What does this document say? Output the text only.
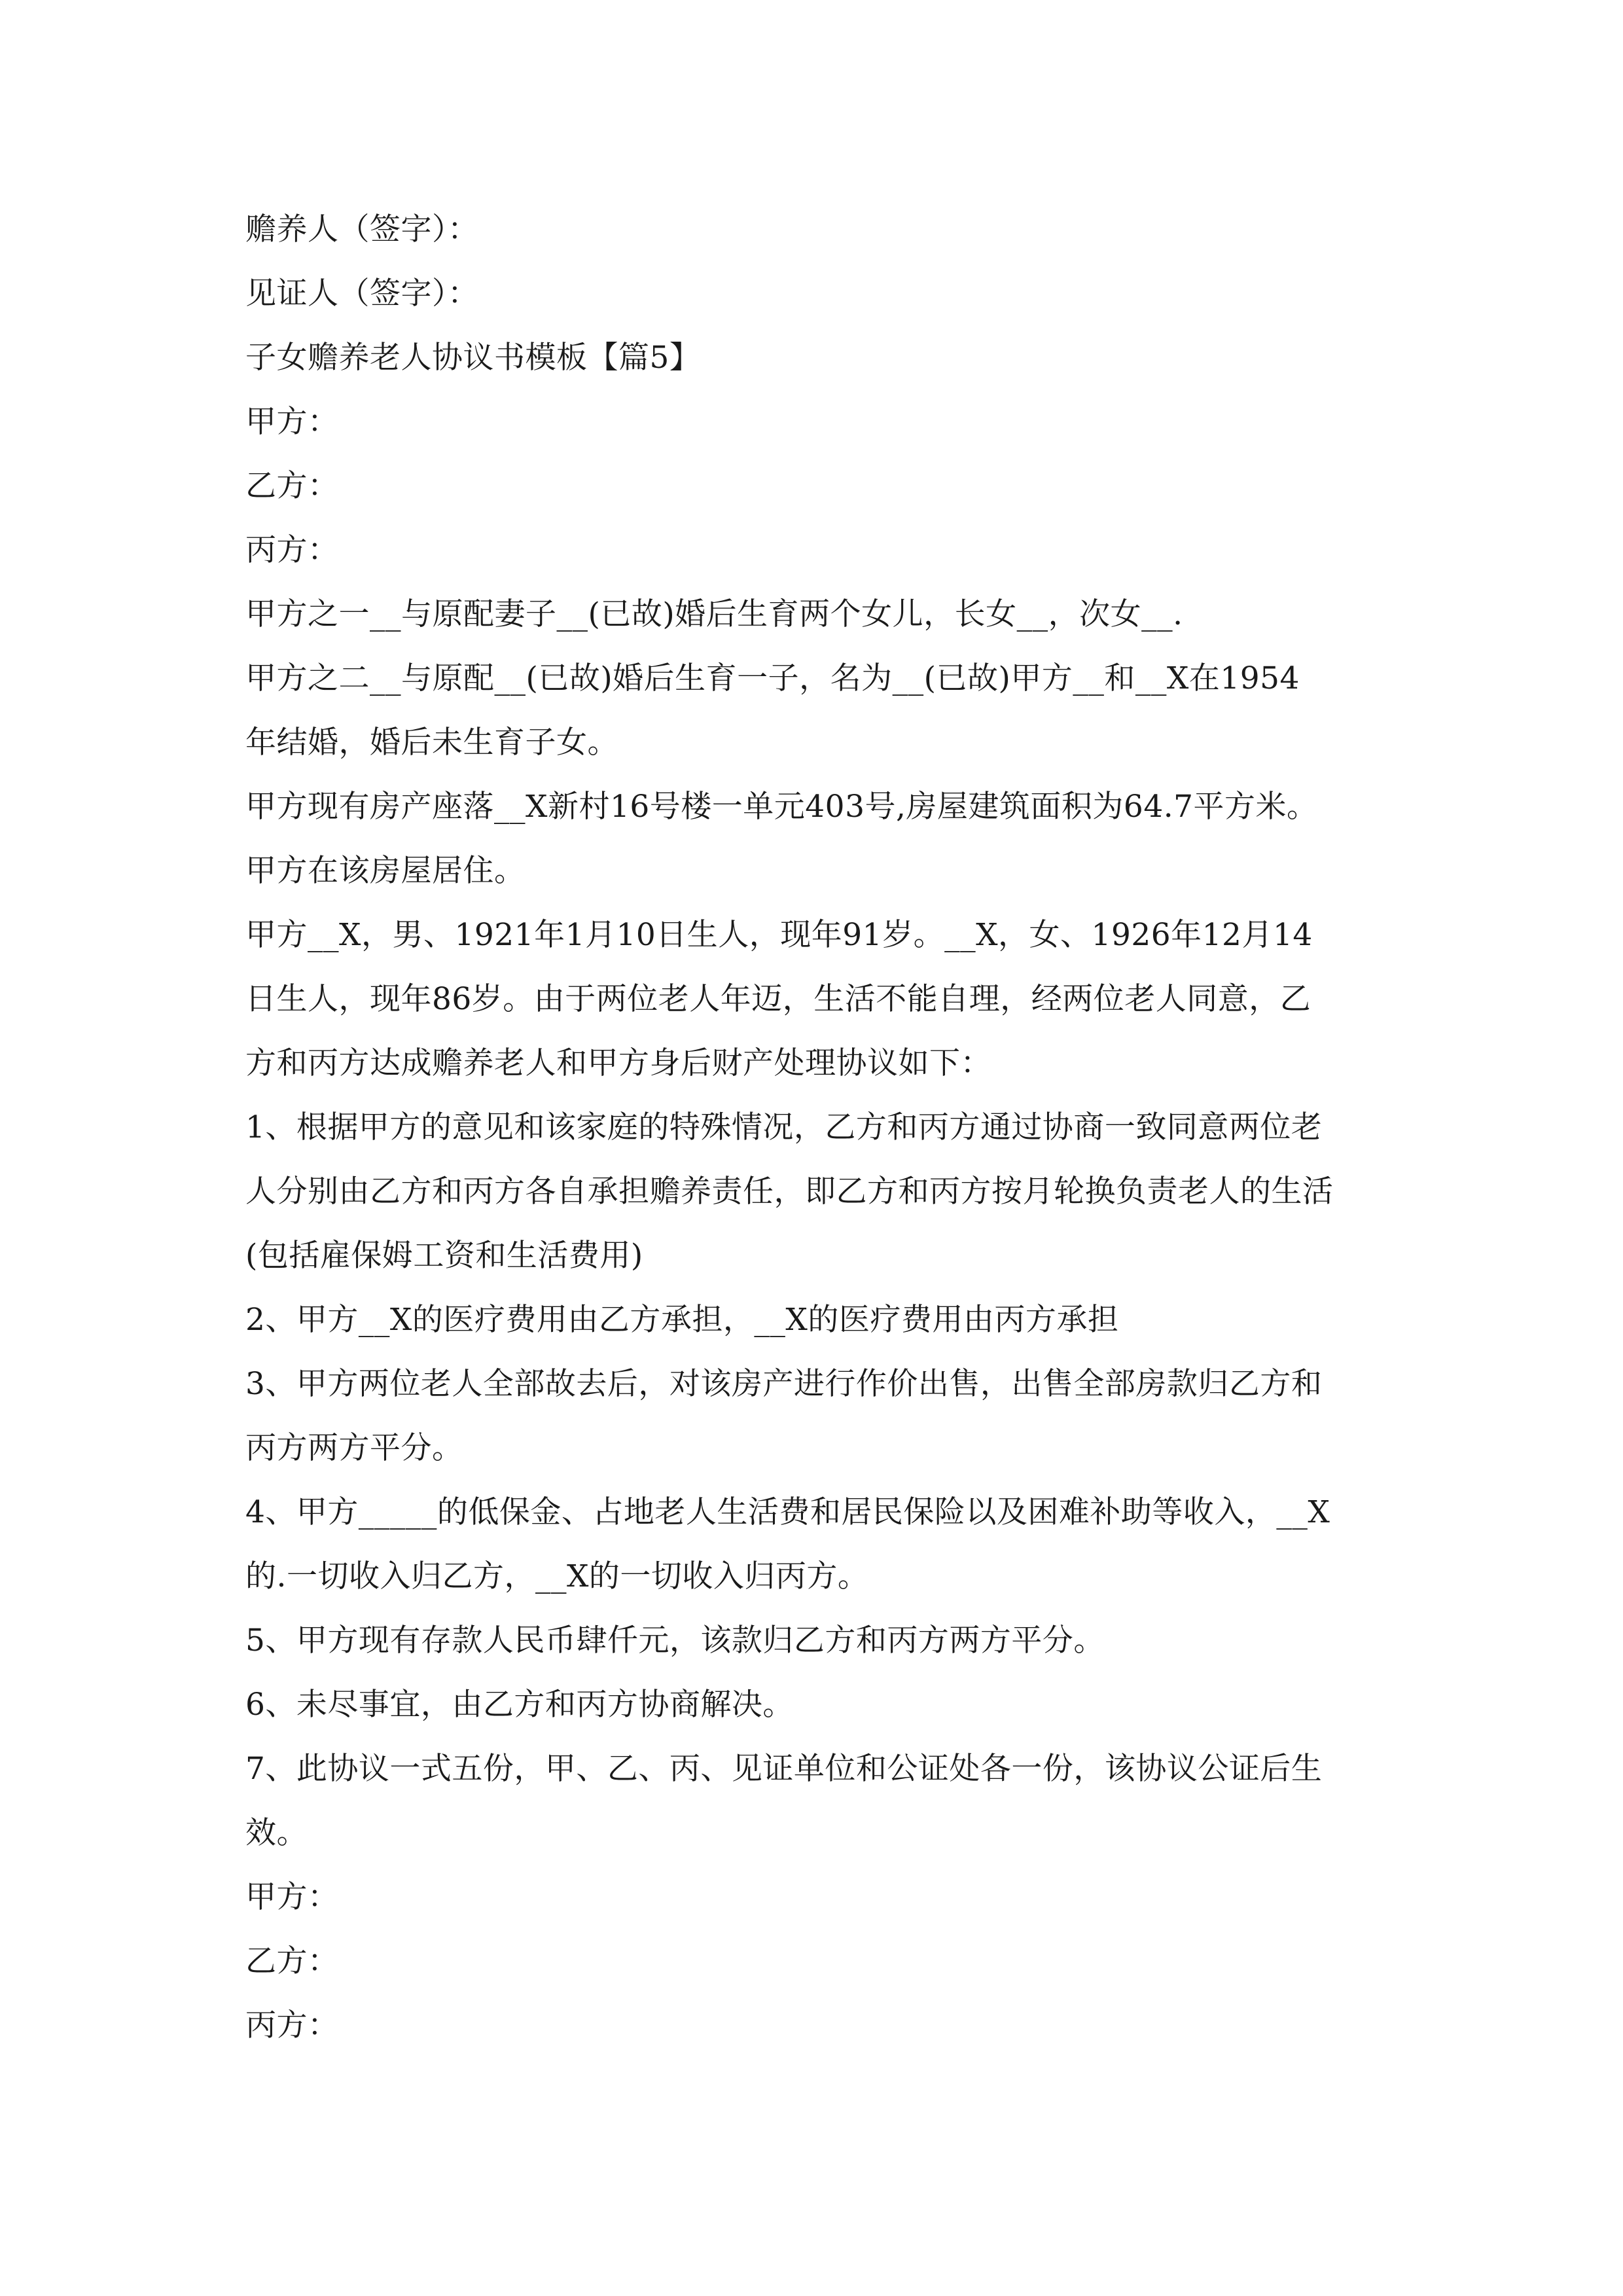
赡养人（签字）：
见证人（签字）：
子女赡养老人协议书模板【篇5】
甲方：
乙方：
丙方：
甲方之一__与原配妻子__(已故)婚后生育两个女儿，长女__，次女__.
甲方之二__与原配__(已故)婚后生育一子，名为__(已故)甲方__和__X在1954
年结婚，婚后未生育子女。
甲方现有房产座落__X新村16号楼一单元403号,房屋建筑面积为64.7平方米。
甲方在该房屋居住。
甲方__X，男、1921年1月10日生人，现年91岁。__X，女、1926年12月14
日生人，现年86岁。由于两位老人年迈，生活不能自理，经两位老人同意，乙
方和丙方达成赡养老人和甲方身后财产处理协议如下：
1、根据甲方的意见和该家庭的特殊情况，乙方和丙方通过协商一致同意两位老
人分别由乙方和丙方各自承担赡养责任，即乙方和丙方按月轮换负责老人的生活
(包括雇保姆工资和生活费用)
2、甲方__X的医疗费用由乙方承担，__X的医疗费用由丙方承担
3、甲方两位老人全部故去后，对该房产进行作价出售，出售全部房款归乙方和
丙方两方平分。
4、甲方_____的低保金、占地老人生活费和居民保险以及困难补助等收入，__X
的.一切收入归乙方，__X的一切收入归丙方。
5、甲方现有存款人民币肆仟元，该款归乙方和丙方两方平分。
6、未尽事宜，由乙方和丙方协商解决。
7、此协议一式五份，甲、乙、丙、见证单位和公证处各一份，该协议公证后生
效。
甲方：
乙方：
丙方：
